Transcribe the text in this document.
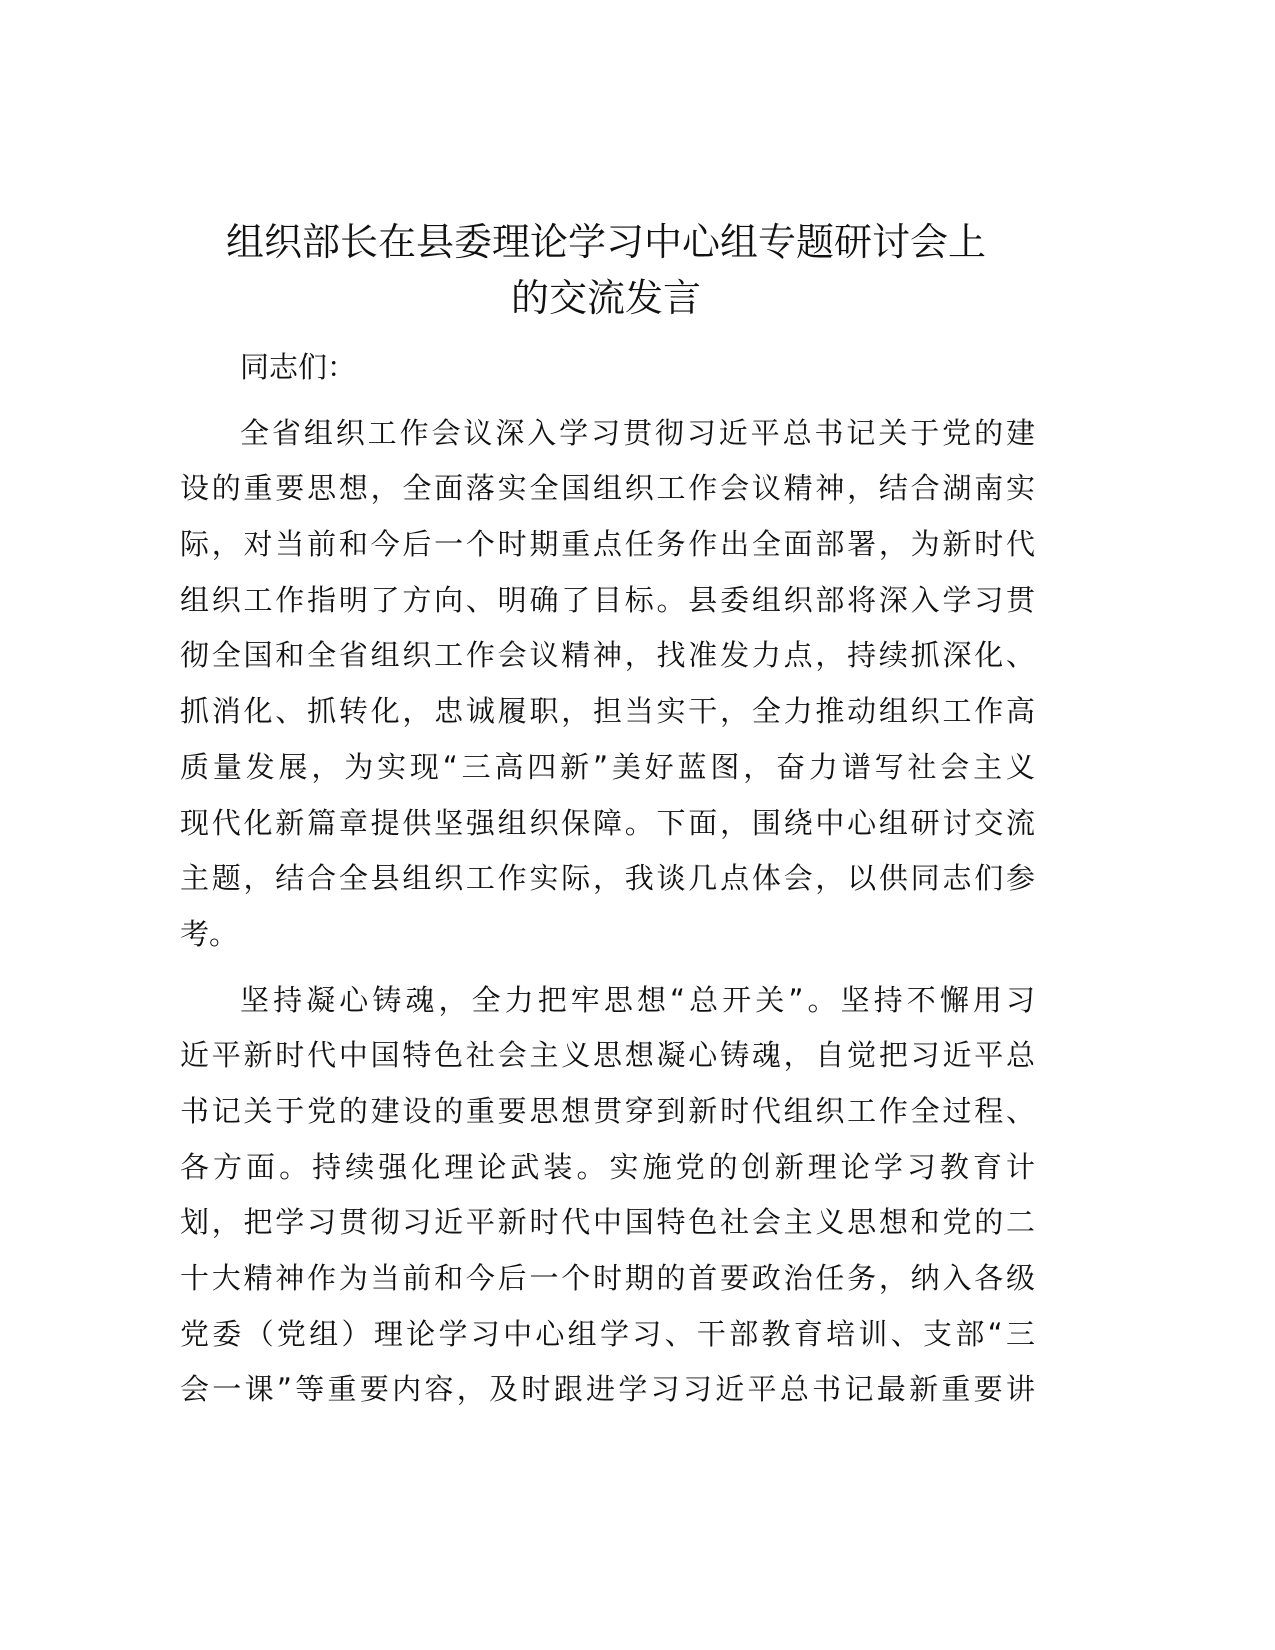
组织部长在县委理论学习中心组专题研讨会上
的交流发言
同志们：
全省组织工作会议深入学习贯彻习近平总书记关于党的建
设的重要思想，全面落实全国组织工作会议精神，结合湖南实
际，对当前和今后一个时期重点任务作出全面部署，为新时代
组织工作指明了方向、明确了目标。县委组织部将深入学习贯
彻全国和全省组织工作会议精神，找准发力点，持续抓深化、
抓消化、抓转化，忠诚履职，担当实干，全力推动组织工作高
质量发展，为实现“三高四新”美好蓝图，奋力谱写社会主义
现代化新篇章提供坚强组织保障。下面，围绕中心组研讨交流
主题，结合全县组织工作实际，我谈几点体会，以供同志们参
考。
坚持凝心铸魂，全力把牢思想“总开关”。坚持不懈用习
近平新时代中国特色社会主义思想凝心铸魂，自觉把习近平总
书记关于党的建设的重要思想贯穿到新时代组织工作全过程、
各方面。持续强化理论武装。实施党的创新理论学习教育计
划，把学习贯彻习近平新时代中国特色社会主义思想和党的二
十大精神作为当前和今后一个时期的首要政治任务，纳入各级
党委（党组）理论学习中心组学习、干部教育培训、支部“三
会一课”等重要内容，及时跟进学习习近平总书记最新重要讲
